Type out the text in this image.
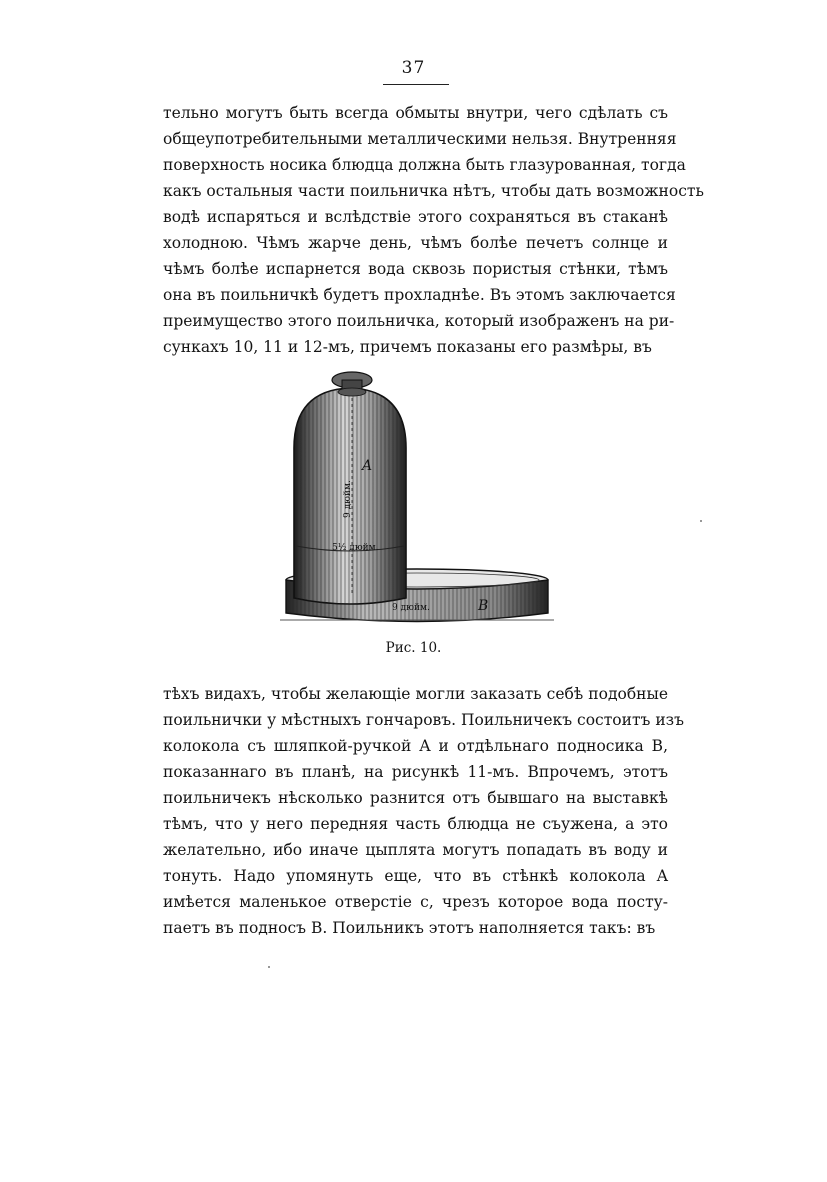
37
тельно могутъ быть всегда обмыты внутри, чего сдѣлать съ
общеупотребительными металлическими нельзя. Внутренняя
поверхность носика блюдца должна быть глазурованная, тогда
какъ остальныя части поильничка нѣтъ, чтобы дать возможность
водѣ испаряться и вслѣдствіе этого сохраняться въ стаканѣ
холодною. Чѣмъ жарче день, чѣмъ болѣе печетъ солнце и
чѣмъ болѣе испарнется вода сквозь пористыя стѣнки, тѣмъ
она въ поильничкѣ будетъ прохладнѣе. Въ этомъ заключается
преимущество этого поильничка, который изображенъ на ри-
сункахъ 10, 11 и 12-мъ, причемъ показаны его размѣры, въ
A
9 дюйм.
5½ дюйм.
9 дюйм.	B
Рис. 10.
тѣхъ видахъ, чтобы желающіе могли заказать себѣ подобные
поильнички у мѣстныхъ гончаровъ. Поильничекъ состоитъ изъ
колокола съ шляпкой-ручкой A и отдѣльнаго подносика B,
показаннаго въ планѣ, на рисункѣ 11-мъ. Впрочемъ, этотъ
поильничекъ нѣсколько разнится отъ бывшаго на выставкѣ
тѣмъ, что у него передняя часть блюдца не съужена, а это
желательно, ибо иначе цыплята могутъ попадать въ воду и
тонуть. Надо упомянуть еще, что въ стѣнкѣ колокола A
имѣется маленькое отверстіе c, чрезъ которое вода посту-
паетъ въ подносъ B. Поильникъ этотъ наполняется такъ: въ
